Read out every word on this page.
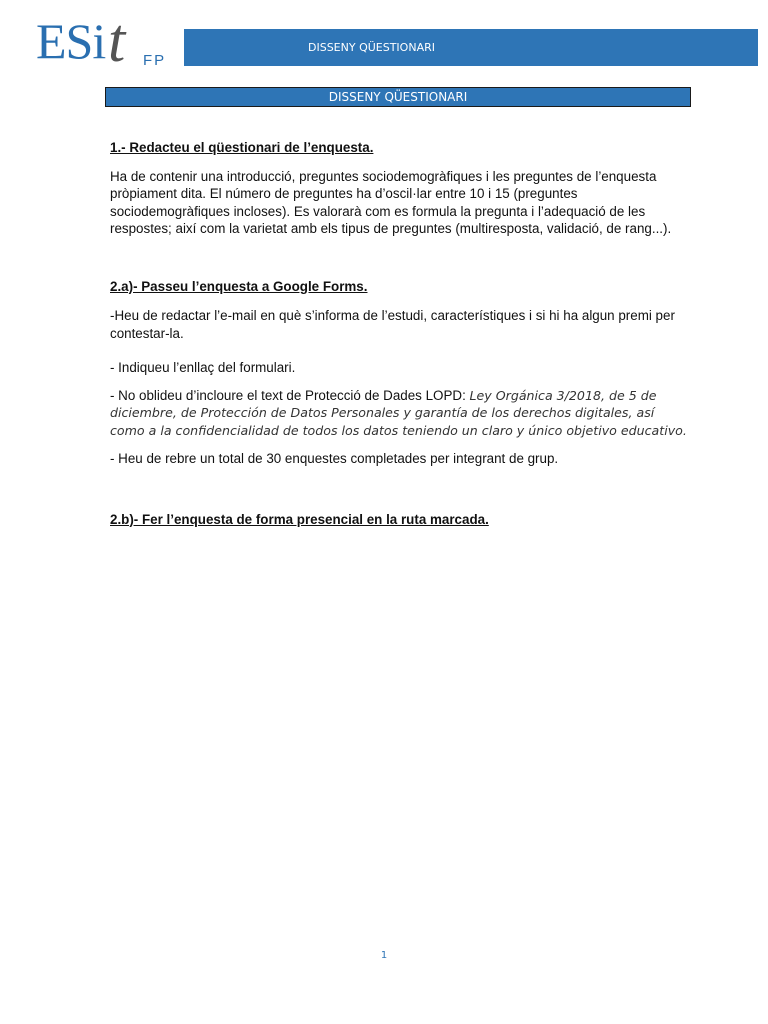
ESi t FP
DISSENY QÜESTIONARI
DISSENY QÜESTIONARI

1.- Redacteu el qüestionari de l’enquesta.

Ha de contenir una introducció, preguntes sociodemogràfiques i les preguntes de l’enquesta pròpiament dita. El número de preguntes ha d’oscil·lar entre 10 i 15 (preguntes sociodemogràfiques incloses). Es valorarà com es formula la pregunta i l’adequació de les respostes; així com la varietat amb els tipus de preguntes (multiresposta, validació, de rang...).

2.a)- Passeu l’enquesta a Google Forms.

-Heu de redactar l’e-mail en què s’informa de l’estudi, característiques i si hi ha algun premi per contestar-la.

- Indiqueu l’enllaç del formulari.

- No oblideu d’incloure el text de Protecció de Dades LOPD: Ley Orgánica 3/2018, de 5 de diciembre, de Protección de Datos Personales y garantía de los derechos digitales, así como a la confidencialidad de todos los datos teniendo un claro y único objetivo educativo.

- Heu de rebre un total de 30 enquestes completades per integrant de grup.

2.b)- Fer l’enquesta de forma presencial en la ruta marcada.

1
